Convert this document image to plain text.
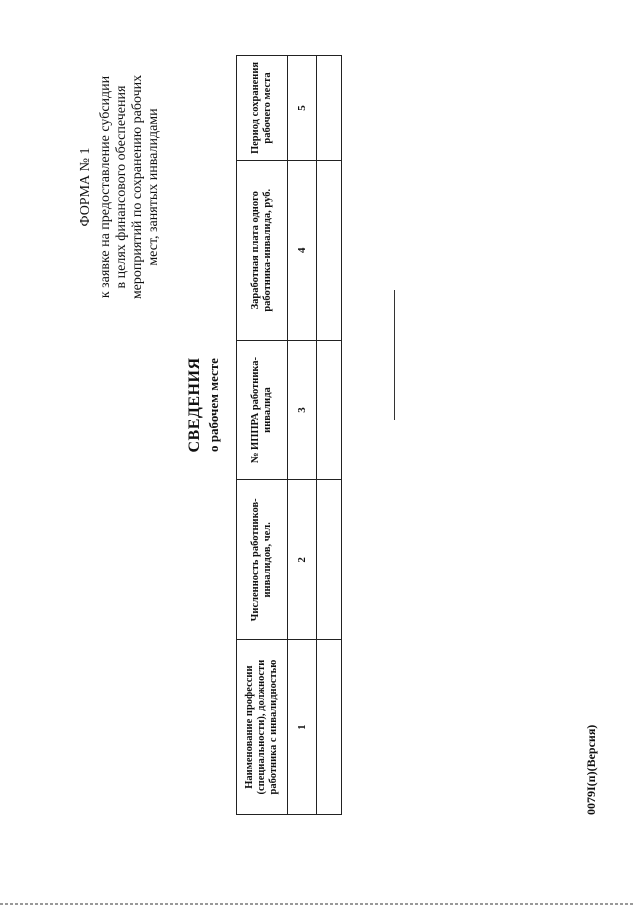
ФОРМА № 1 к заявке на предоставление субсидии в целях финансового обеспечения мероприятий по сохранению рабочих мест, занятых инвалидами
СВЕДЕНИЯ о рабочем месте
Наименование профессии (специальности), должности работника с инвалидностью	Численность работников-инвалидов, чел.	№ ИППРА работника-инвалида	Заработная плата одного работника-инвалида, руб.	Период сохранения рабочего места
1	2	3	4	5

0079I(п)(Версия)
